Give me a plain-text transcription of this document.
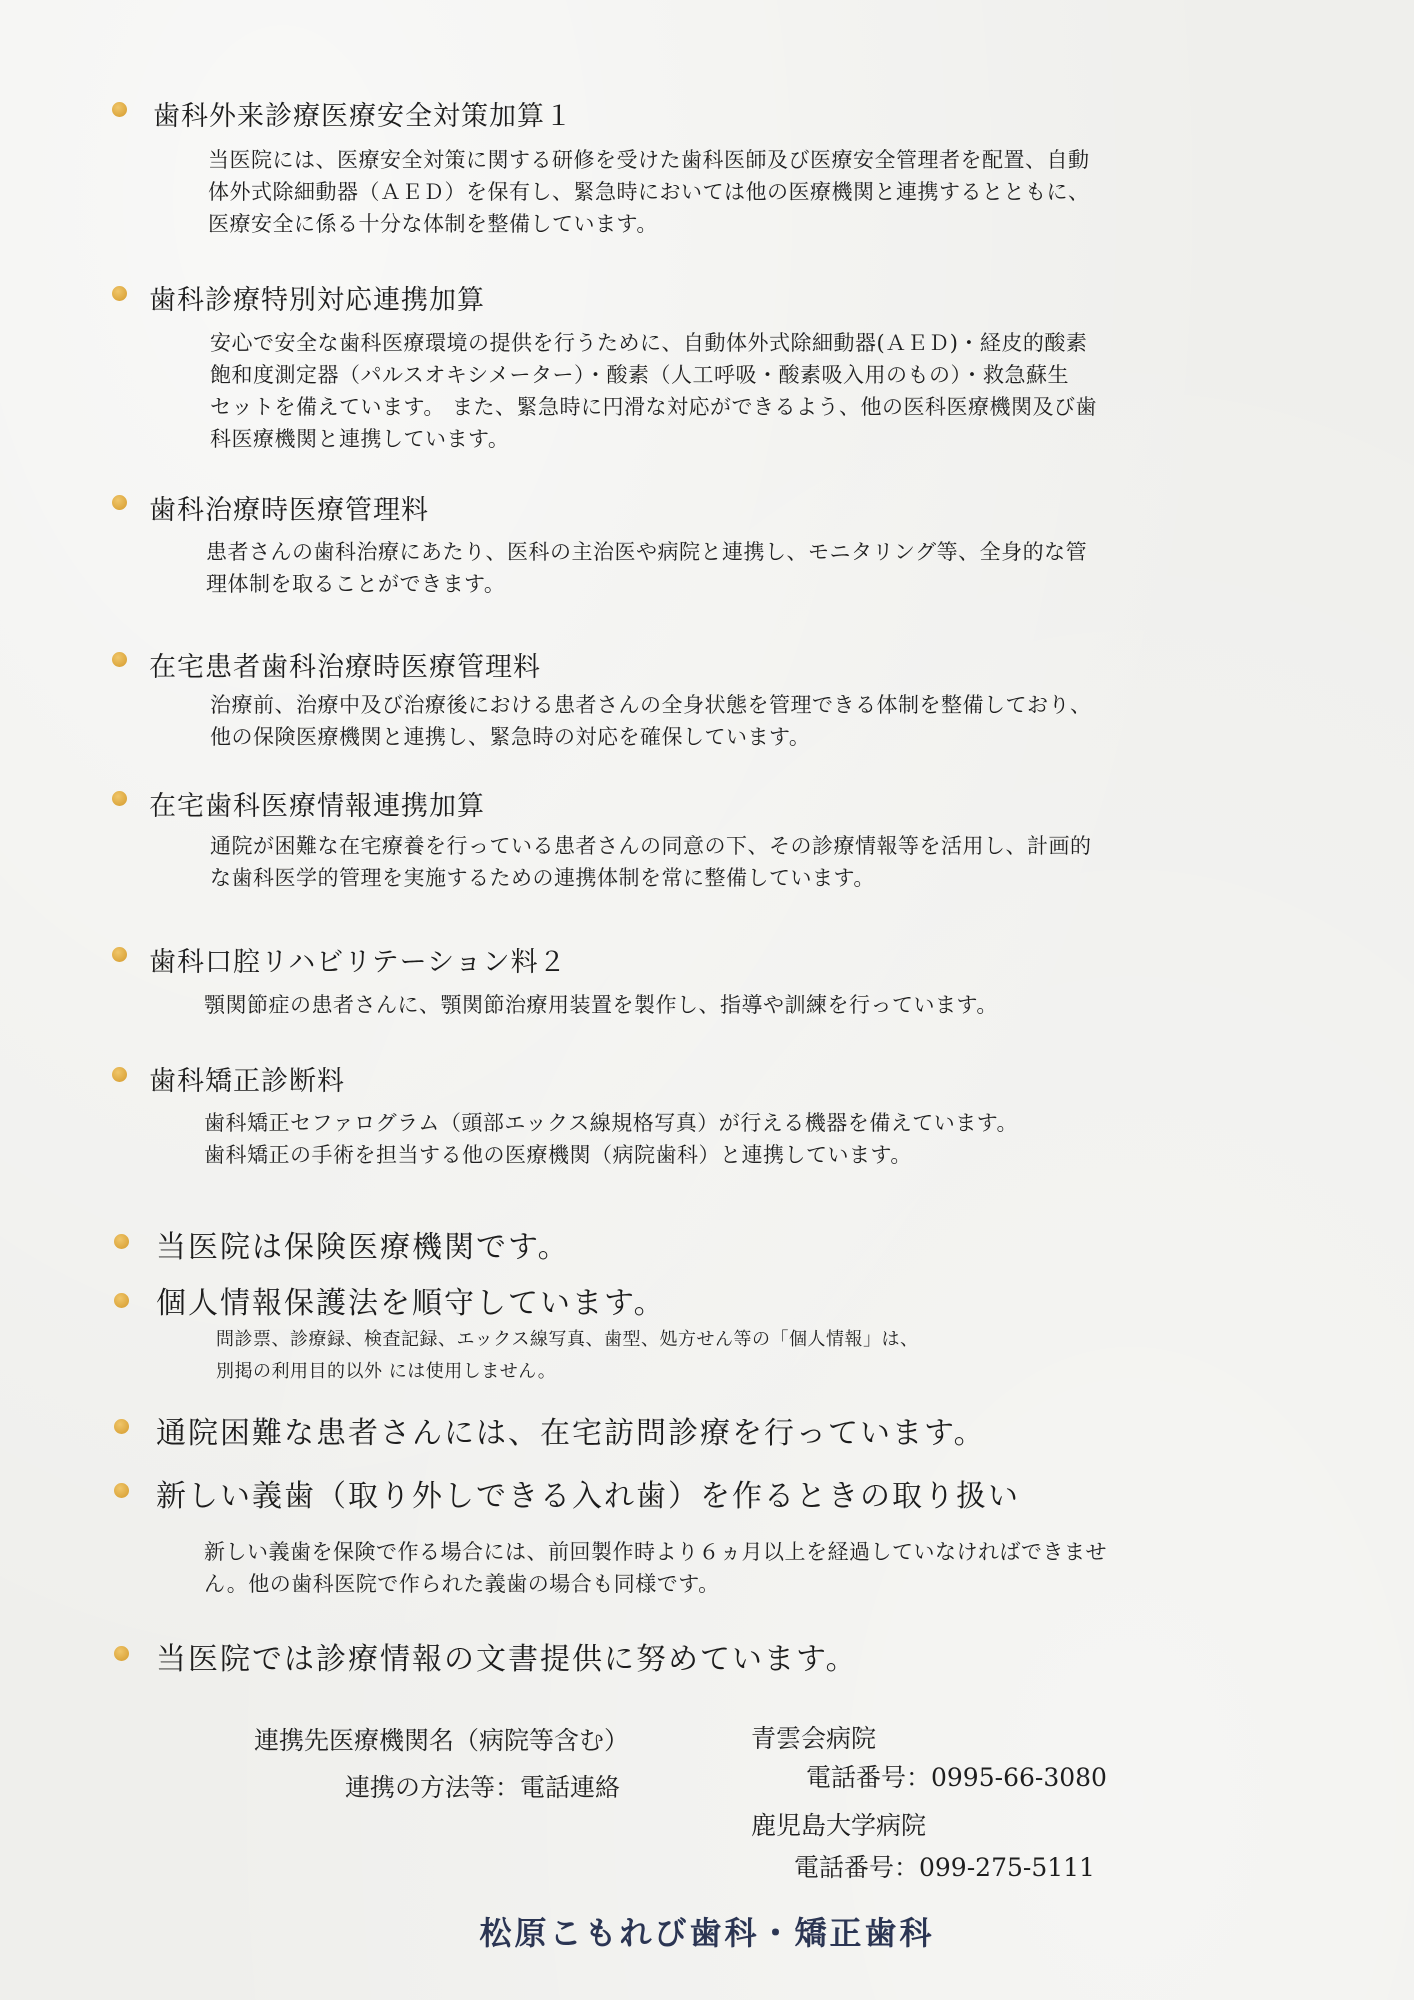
歯科外来診療医療安全対策加算１
当医院には、医療安全対策に関する研修を受けた歯科医師及び医療安全管理者を配置、自動
体外式除細動器（ＡＥＤ）を保有し、緊急時においては他の医療機関と連携するとともに、
医療安全に係る十分な体制を整備しています。
歯科診療特別対応連携加算
安心で安全な歯科医療環境の提供を行うために、自動体外式除細動器(ＡＥＤ)・経皮的酸素
飽和度測定器（パルスオキシメーター）・酸素（人工呼吸・酸素吸入用のもの）・救急蘇生
セットを備えています。 また、緊急時に円滑な対応ができるよう、他の医科医療機関及び歯
科医療機関と連携しています。
歯科治療時医療管理料
患者さんの歯科治療にあたり、医科の主治医や病院と連携し、モニタリング等、全身的な管
理体制を取ることができます。
在宅患者歯科治療時医療管理料
治療前、治療中及び治療後における患者さんの全身状態を管理できる体制を整備しており、
他の保険医療機関と連携し、緊急時の対応を確保しています。
在宅歯科医療情報連携加算
通院が困難な在宅療養を行っている患者さんの同意の下、その診療情報等を活用し、計画的
な歯科医学的管理を実施するための連携体制を常に整備しています。
歯科口腔リハビリテーション料２
顎関節症の患者さんに、顎関節治療用装置を製作し、指導や訓練を行っています。
歯科矯正診断料
歯科矯正セファログラム（頭部エックス線規格写真）が行える機器を備えています。
歯科矯正の手術を担当する他の医療機関（病院歯科）と連携しています。
当医院は保険医療機関です。
個人情報保護法を順守しています。
問診票、診療録、検査記録、エックス線写真、歯型、処方せん等の「個人情報」は、
別掲の利用目的以外 には使用しません。
通院困難な患者さんには、在宅訪問診療を行っています。
新しい義歯（取り外しできる入れ歯）を作るときの取り扱い
新しい義歯を保険で作る場合には、前回製作時より６ヵ月以上を経過していなければできませ
ん。他の歯科医院で作られた義歯の場合も同様です。
当医院では診療情報の文書提供に努めています。
連携先医療機関名（病院等含む）
連携の方法等：電話連絡
青雲会病院
電話番号：0995-66-3080
鹿児島大学病院
電話番号：099-275-5111
松原こもれび歯科・矯正歯科
